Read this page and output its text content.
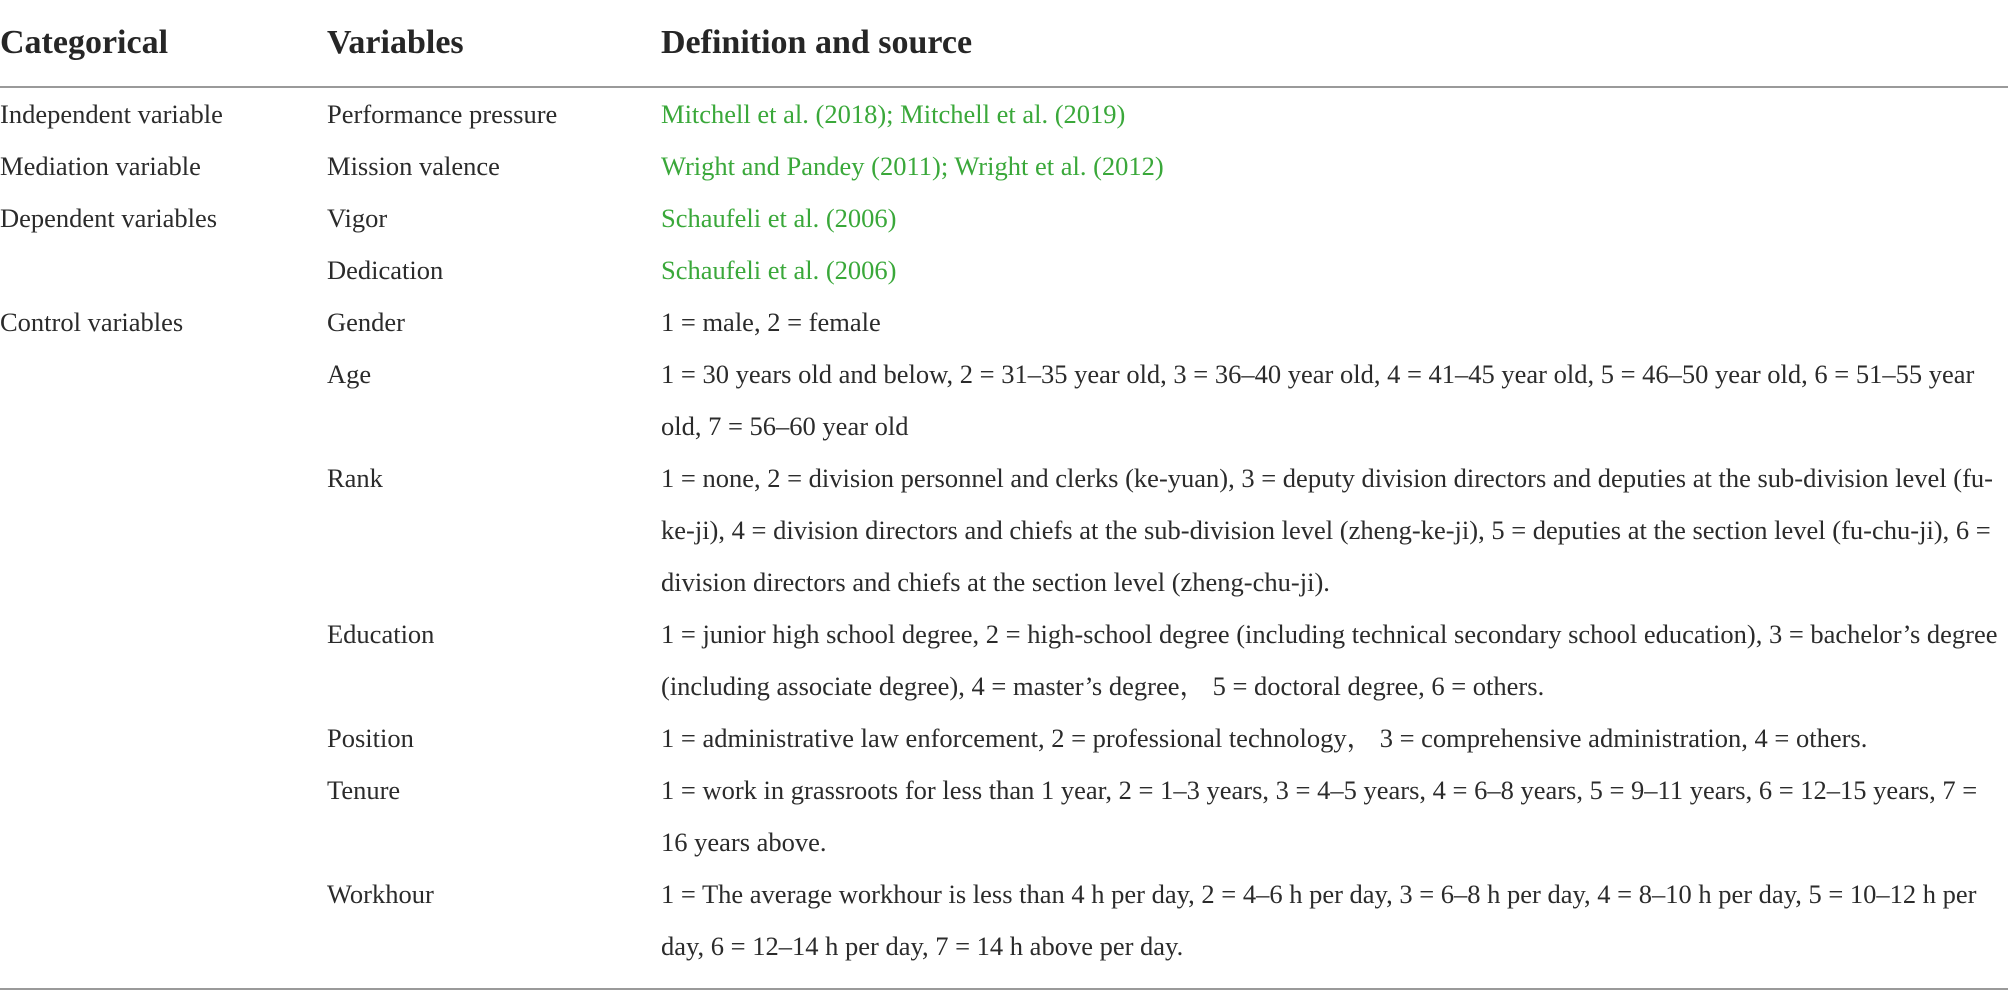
Categorical	Variables	Definition and source
Independent variable	Performance pressure	Mitchell et al. (2018); Mitchell et al. (2019)
Mediation variable	Mission valence	Wright and Pandey (2011); Wright et al. (2012)
Dependent variables	Vigor	Schaufeli et al. (2006)
	Dedication	Schaufeli et al. (2006)
Control variables	Gender	1 = male, 2 = female
	Age	1 = 30 years old and below, 2 = 31–35 year old, 3 = 36–40 year old, 4 = 41–45 year old, 5 = 46–50 year old, 6 = 51–55 year old, 7 = 56–60 year old
	Rank	1 = none, 2 = division personnel and clerks (ke-yuan), 3 = deputy division directors and deputies at the sub-division level (fu-ke-ji), 4 = division directors and chiefs at the sub-division level (zheng-ke-ji), 5 = deputies at the section level (fu-chu-ji), 6 = division directors and chiefs at the section level (zheng-chu-ji).
	Education	1 = junior high school degree, 2 = high-school degree (including technical secondary school education), 3 = bachelor’s degree (including associate degree), 4 = master’s degree， 5 = doctoral degree, 6 = others.
	Position	1 = administrative law enforcement, 2 = professional technology， 3 = comprehensive administration, 4 = others.
	Tenure	1 = work in grassroots for less than 1 year, 2 = 1–3 years, 3 = 4–5 years, 4 = 6–8 years, 5 = 9–11 years, 6 = 12–15 years, 7 = 16 years above.
	Workhour	1 = The average workhour is less than 4 h per day, 2 = 4–6 h per day, 3 = 6–8 h per day, 4 = 8–10 h per day, 5 = 10–12 h per day, 6 = 12–14 h per day, 7 = 14 h above per day.
